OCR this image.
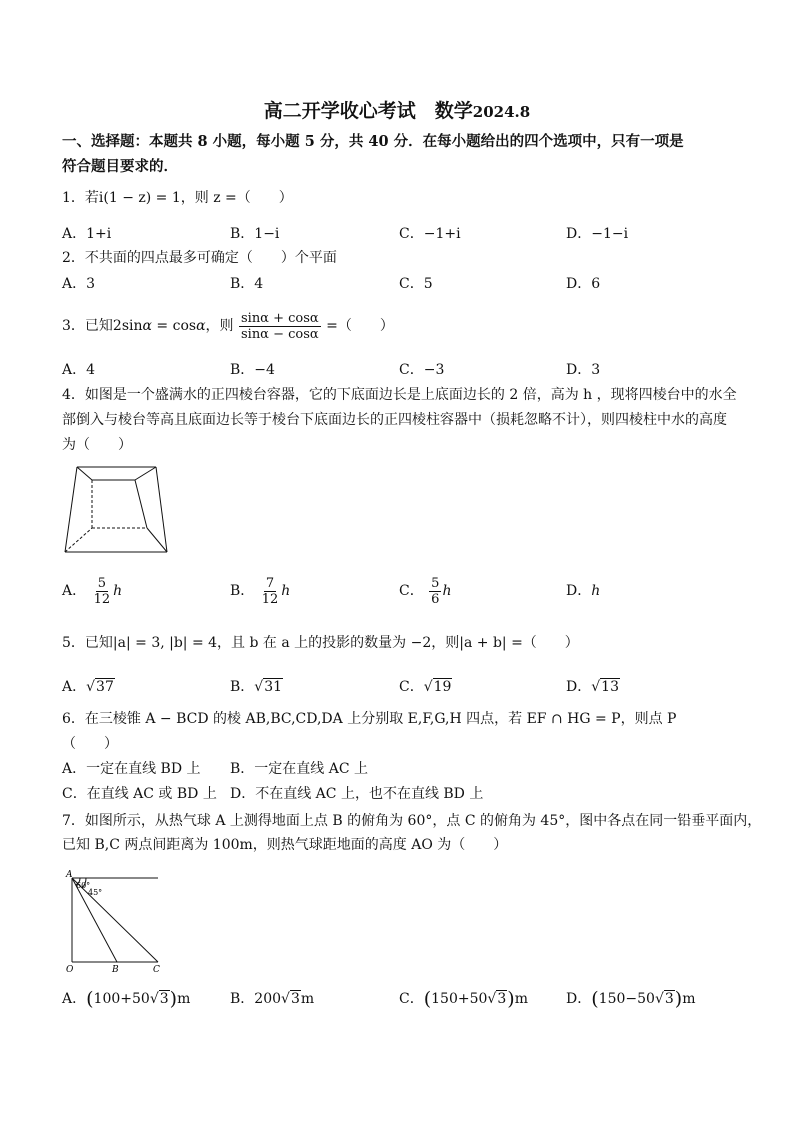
高二开学收心考试　数学2024.8
一、选择题：本题共 8 小题，每小题 5 分，共 40 分．在每小题给出的四个选项中，只有一项是
符合题目要求的．
1．若i(1 − z) = 1，则 z =（　　）
A．1+i	B．1−i	C．−1+i	D．−1−i
2．不共面的四点最多可确定（　　）个平面
A．3	B．4	C．5	D．6
3．已知2sinα = cosα，则 $\frac{\sin\alpha + \cos\alpha}{\sin\alpha - \cos\alpha}$ =（　　）
A．4	B．−4	C．−3	D．3
4．如图是一个盛满水的正四棱台容器，它的下底面边长是上底面边长的 2 倍，高为 h ，现将四棱台中的水全
部倒入与棱台等高且底面边长等于棱台下底面边长的正四棱柱容器中（损耗忽略不计），则四棱柱中水的高度
为（　　）
A． $\frac{5}{12}$ h	B． $\frac{7}{12}$ h	C． $\frac{5}{6}$ h	D．h
5．已知|a| = 3, |b| = 4，且 b 在 a 上的投影的数量为 −2，则|a + b| =（　　）
A．√37	B．√31	C．√19	D．√13
6．在三棱锥 A − BCD 的棱 AB,BC,CD,DA 上分别取 E,F,G,H 四点，若 EF ∩ HG = P，则点 P
（　　）
A．一定在直线 BD 上 B．一定在直线 AC 上
C．在直线 AC 或 BD 上 D．不在直线 AC 上，也不在直线 BD 上
7．如图所示，从热气球 A 上测得地面上点 B 的俯角为 60°，点 C 的俯角为 45°，图中各点在同一铅垂平面内，
已知 B,C 两点间距离为 100m，则热气球距地面的高度 AO 为（　　）
A
60°
45°
O	B	C
A．(100+50√3)m	B．200√3m	C．(150+50√3)m	D．(150−50√3)m
